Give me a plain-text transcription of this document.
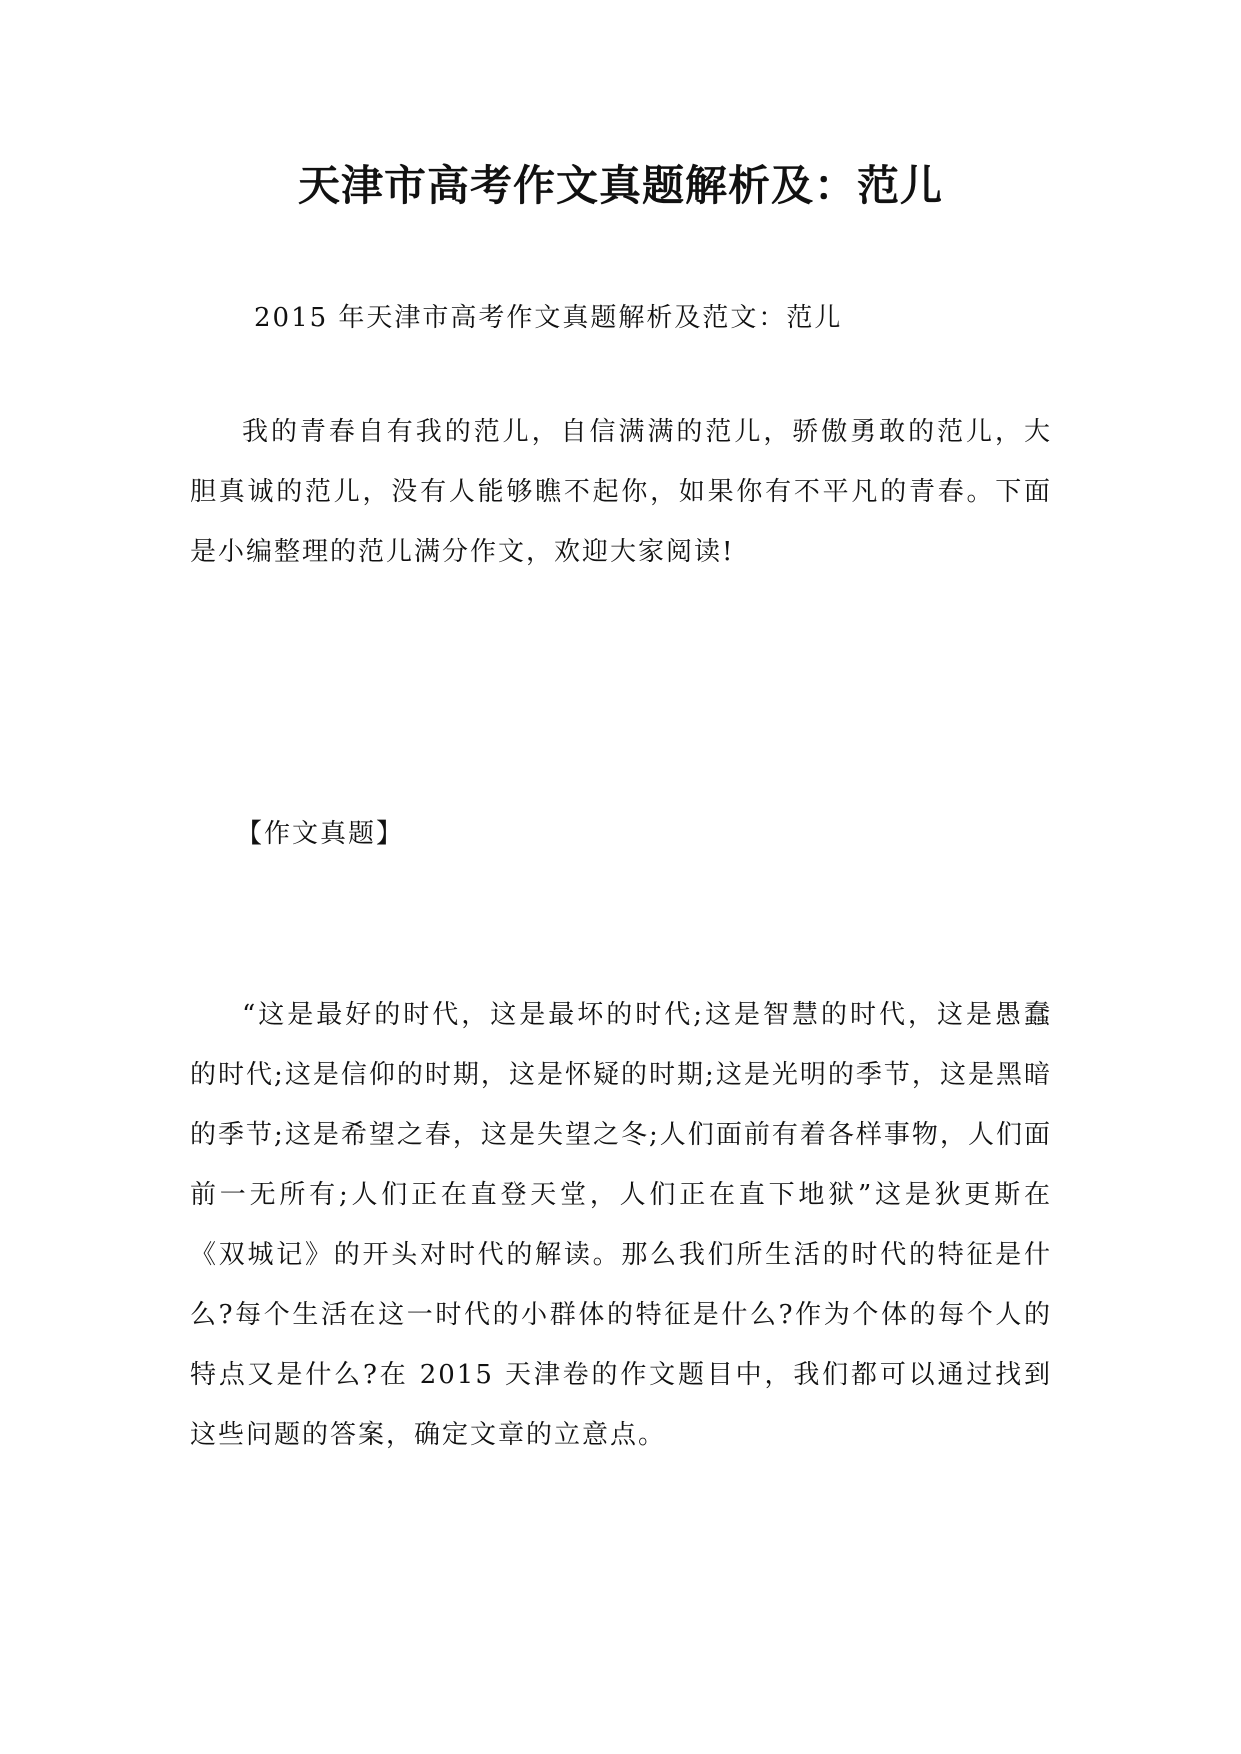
天津市高考作文真题解析及：范儿

2015 年天津市高考作文真题解析及范文：范儿

我的青春自有我的范儿，自信满满的范儿，骄傲勇敢的范儿，大胆真诚的范儿，没有人能够瞧不起你，如果你有不平凡的青春。下面是小编整理的范儿满分作文，欢迎大家阅读!

【作文真题】

“这是最好的时代，这是最坏的时代;这是智慧的时代，这是愚蠢的时代;这是信仰的时期，这是怀疑的时期;这是光明的季节，这是黑暗的季节;这是希望之春，这是失望之冬;人们面前有着各样事物，人们面前一无所有;人们正在直登天堂，人们正在直下地狱”这是狄更斯在《双城记》的开头对时代的解读。那么我们所生活的时代的特征是什么?每个生活在这一时代的小群体的特征是什么?作为个体的每个人的特点又是什么?在 2015 天津卷的作文题目中，我们都可以通过找到这些问题的答案，确定文章的立意点。
